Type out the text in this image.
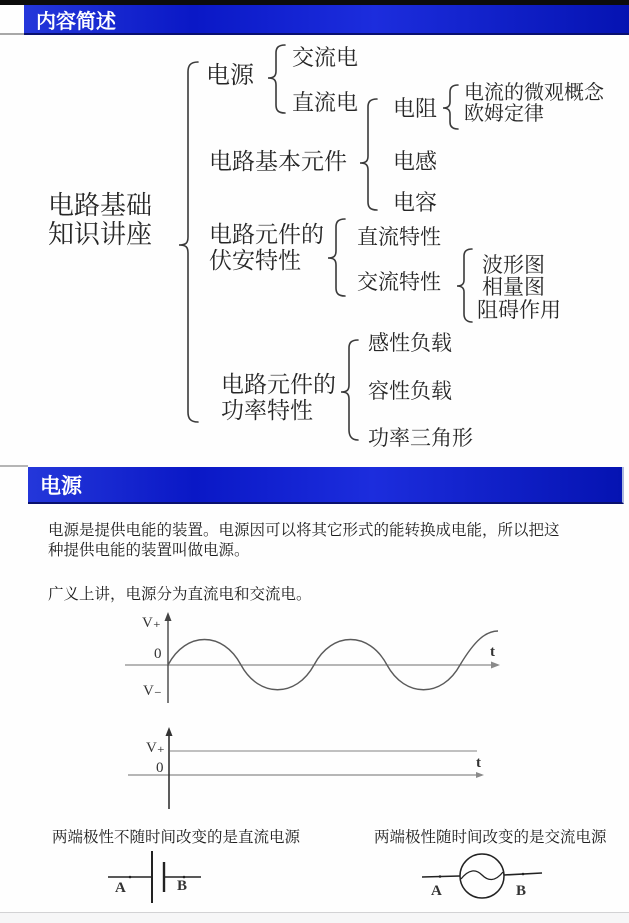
内容简述
电路基础
知识讲座
电源
交流电
直流电
电路基本元件
电阻
电流的微观概念
欧姆定律
电感
电容
电路元件的
伏安特性
直流特性
交流特性
波形图
相量图
阻碍作用
电路元件的
功率特性
感性负载
容性负载
功率三角形
电源
电源是提供电能的装置。电源因可以将其它形式的能转换成电能，所以把这
种提供电能的装置叫做电源。
广义上讲，电源分为直流电和交流电。
V₊
0
V₋
t
V₊
0	t
两端极性不随时间改变的是直流电源	两端极性随时间改变的是交流电源
A	B	A	B
